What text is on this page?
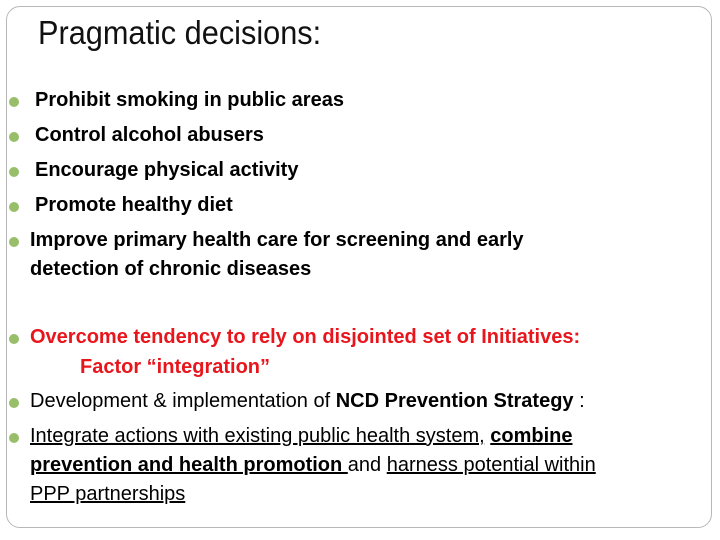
Pragmatic decisions:
Prohibit smoking in public areas
Control alcohol abusers
Encourage physical activity
Promote healthy diet
Improve primary health care for screening and early
detection of chronic diseases
Overcome tendency to rely on disjointed set of Initiatives:
Factor “integration”
Development & implementation of NCD Prevention Strategy :
Integrate actions with existing public health system, combine
prevention and health promotion and harness potential within
PPP partnerships
